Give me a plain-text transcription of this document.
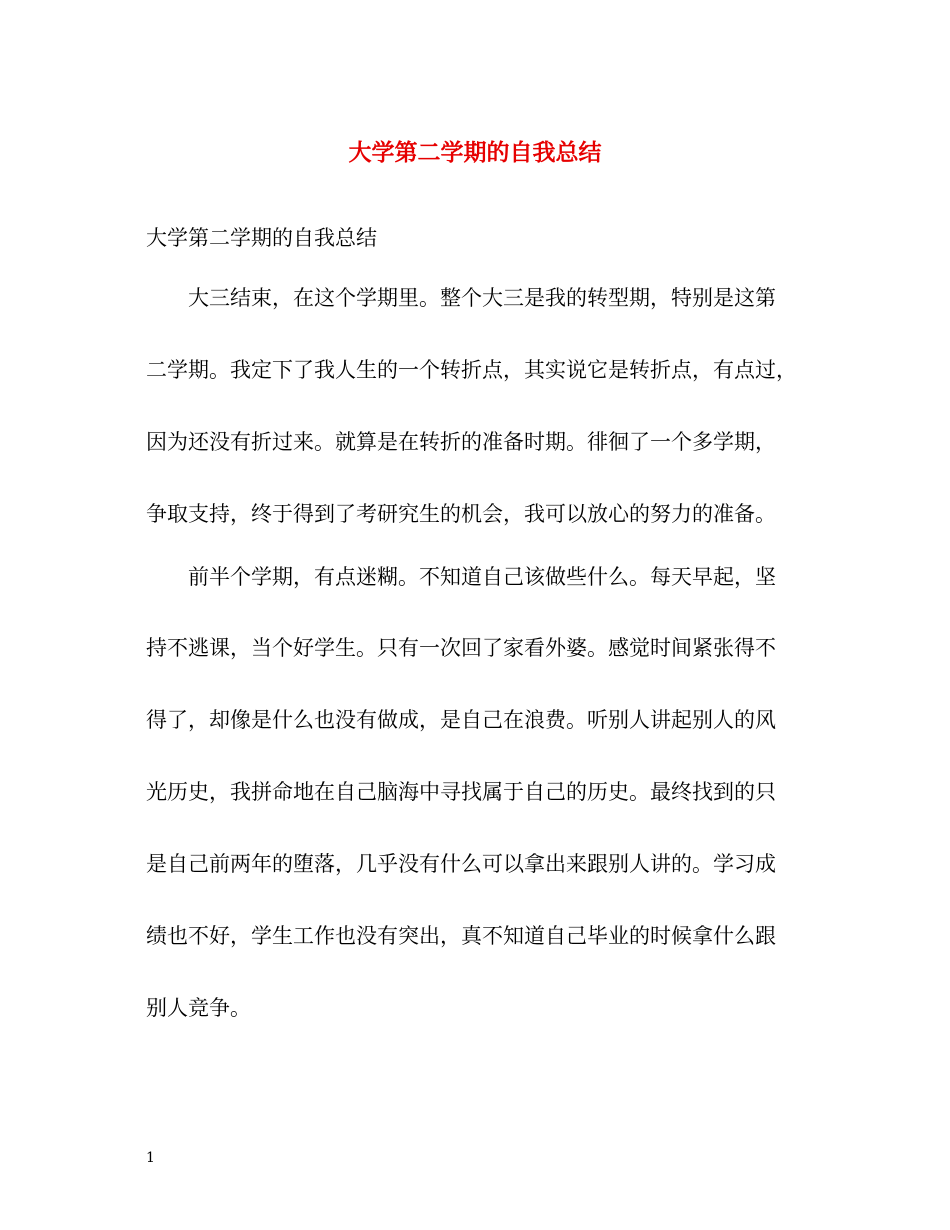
大学第二学期的自我总结
大学第二学期的自我总结
大三结束，在这个学期里。整个大三是我的转型期，特别是这第
二学期。我定下了我人生的一个转折点，其实说它是转折点，有点过，
因为还没有折过来。就算是在转折的准备时期。徘徊了一个多学期，
争取支持，终于得到了考研究生的机会，我可以放心的努力的准备。
前半个学期，有点迷糊。不知道自己该做些什么。每天早起，坚
持不逃课，当个好学生。只有一次回了家看外婆。感觉时间紧张得不
得了，却像是什么也没有做成，是自己在浪费。听别人讲起别人的风
光历史，我拼命地在自己脑海中寻找属于自己的历史。最终找到的只
是自己前两年的堕落，几乎没有什么可以拿出来跟别人讲的。学习成
绩也不好，学生工作也没有突出，真不知道自己毕业的时候拿什么跟
别人竞争。
1
